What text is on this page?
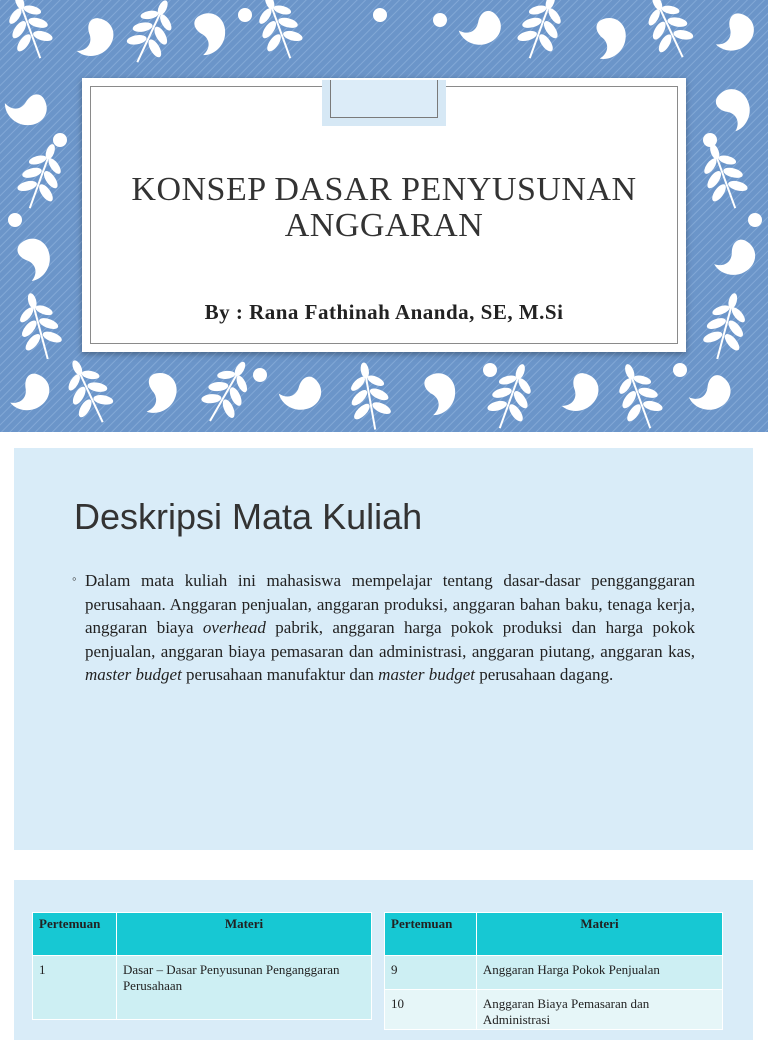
KONSEP DASAR PENYUSUNAN
ANGGARAN
By : Rana Fathinah Ananda, SE, M.Si
Deskripsi Mata Kuliah
◦ Dalam mata kuliah ini mahasiswa mempelajar tentang dasar-dasar pengganggaran perusahaan. Anggaran penjualan, anggaran produksi, anggaran bahan baku, tenaga kerja, anggaran biaya overhead pabrik, anggaran harga pokok produksi dan harga pokok penjualan, anggaran biaya pemasaran dan administrasi, anggaran piutang, anggaran kas, master budget perusahaan manufaktur dan master budget perusahaan dagang.
Pertemuan	Materi

1	Dasar – Dasar Penyusunan Penganggaran Perusahaan
Pertemuan	Materi

9	Anggaran Harga Pokok Penjualan

10	Anggaran Biaya Pemasaran dan Administrasi
